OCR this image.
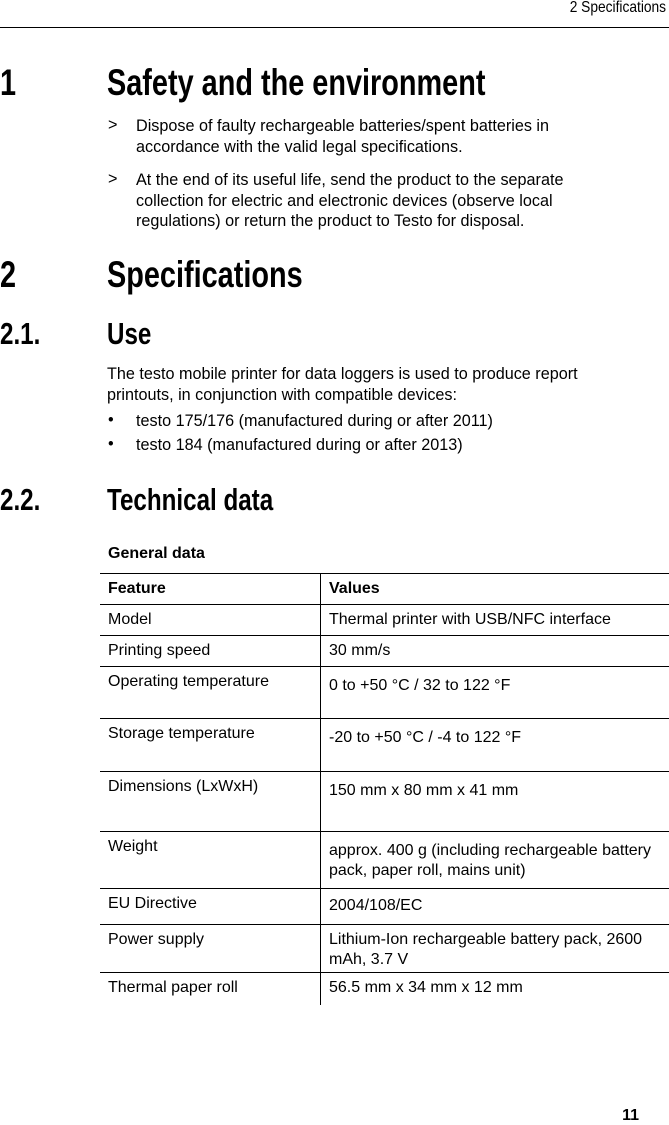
2 Specifications
1 Safety and the environment
> Dispose of faulty rechargeable batteries/spent batteries in
accordance with the valid legal specifications.
> At the end of its useful life, send the product to the separate
collection for electric and electronic devices (observe local
regulations) or return the product to Testo for disposal.
2 Specifications
2.1. Use
The testo mobile printer for data loggers is used to produce report
printouts, in conjunction with compatible devices:
• testo 175/176 (manufactured during or after 2011)
• testo 184 (manufactured during or after 2013)
2.2. Technical data
General data
Feature	Values
Model	Thermal printer with USB/NFC interface
Printing speed	30 mm/s
Operating temperature	0 to +50 °C / 32 to 122 °F
Storage temperature	-20 to +50 °C / -4 to 122 °F
Dimensions (LxWxH)	150 mm x 80 mm x 41 mm
Weight	approx. 400 g (including rechargeable battery pack, paper roll, mains unit)
EU Directive	2004/108/EC
Power supply	Lithium-Ion rechargeable battery pack, 2600 mAh, 3.7 V
Thermal paper roll	56.5 mm x 34 mm x 12 mm
11
